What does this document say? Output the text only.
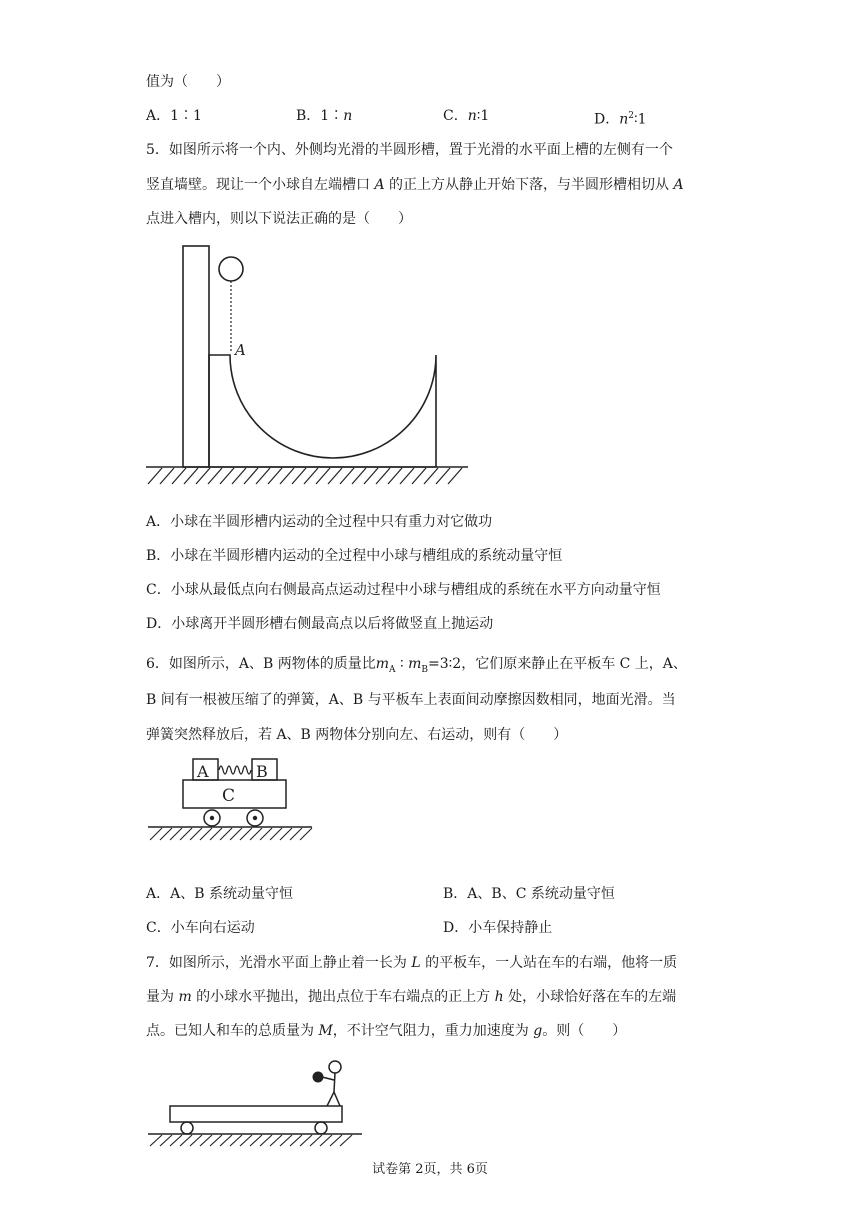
值为（　　）
A．1∶1	B．1∶n	C．n∶1	D．$n^2∶1$
5．如图所示将一个内、外侧均光滑的半圆形槽，置于光滑的水平面上槽的左侧有一个
竖直墙壁。现让一个小球自左端槽口 A 的正上方从静止开始下落，与半圆形槽相切从 A
点进入槽内，则以下说法正确的是（　　）
A
A．小球在半圆形槽内运动的全过程中只有重力对它做功
B．小球在半圆形槽内运动的全过程中小球与槽组成的系统动量守恒
C．小球从最低点向右侧最高点运动过程中小球与槽组成的系统在水平方向动量守恒
D．小球离开半圆形槽右侧最高点以后将做竖直上抛运动
6．如图所示，A、B 两物体的质量比$m_A$ ∶ $m_B=3∶2$，它们原来静止在平板车 C 上，A、
B 间有一根被压缩了的弹簧，A、B 与平板车上表面间动摩擦因数相同，地面光滑。当
弹簧突然释放后，若 A、B 两物体分别向左、右运动，则有（　　）
A	B
C
A．A、B 系统动量守恒	B．A、B、C 系统动量守恒
C．小车向右运动	D．小车保持静止
7．如图所示，光滑水平面上静止着一长为 L 的平板车，一人站在车的右端，他将一质
量为 m 的小球水平抛出，抛出点位于车右端点的正上方 h 处，小球恰好落在车的左端
点。已知人和车的总质量为 M，不计空气阻力，重力加速度为 g。则（　　）
试卷第 2页，共 6页
